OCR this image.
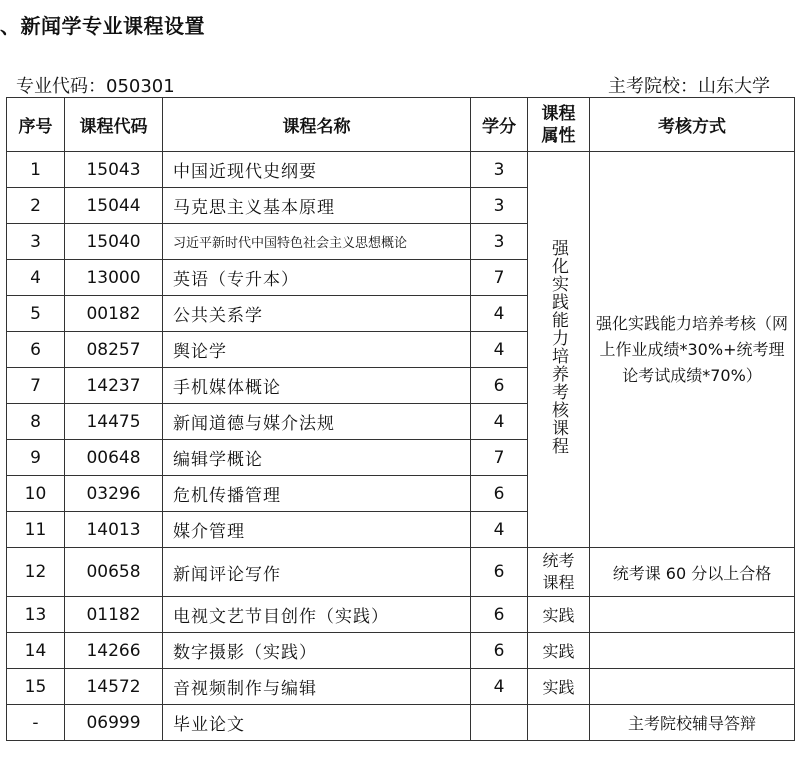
、新闻学专业课程设置
专业代码：050301	主考院校：山东大学
序号	课程代码	课程名称	学分	课程属性	考核方式
1	15043	中国近现代史纲要	3	强化实践能力培养考核课程	强化实践能力培养考核（网上作业成绩*30%+统考理论考试成绩*70%）
2	15044	马克思主义基本原理	3		
3	15040	习近平新时代中国特色社会主义思想概论	3		
4	13000	英语（专升本）	7		
5	00182	公共关系学	4		
6	08257	舆论学	4		
7	14237	手机媒体概论	6		
8	14475	新闻道德与媒介法规	4		
9	00648	编辑学概论	7		
10	03296	危机传播管理	6		
11	14013	媒介管理	4		
12	00658	新闻评论写作	6	统考课程	统考课 60 分以上合格
13	01182	电视文艺节目创作（实践）	6	实践	
14	14266	数字摄影（实践）	6	实践	
15	14572	音视频制作与编辑	4	实践	
-	06999	毕业论文			主考院校辅导答辩
